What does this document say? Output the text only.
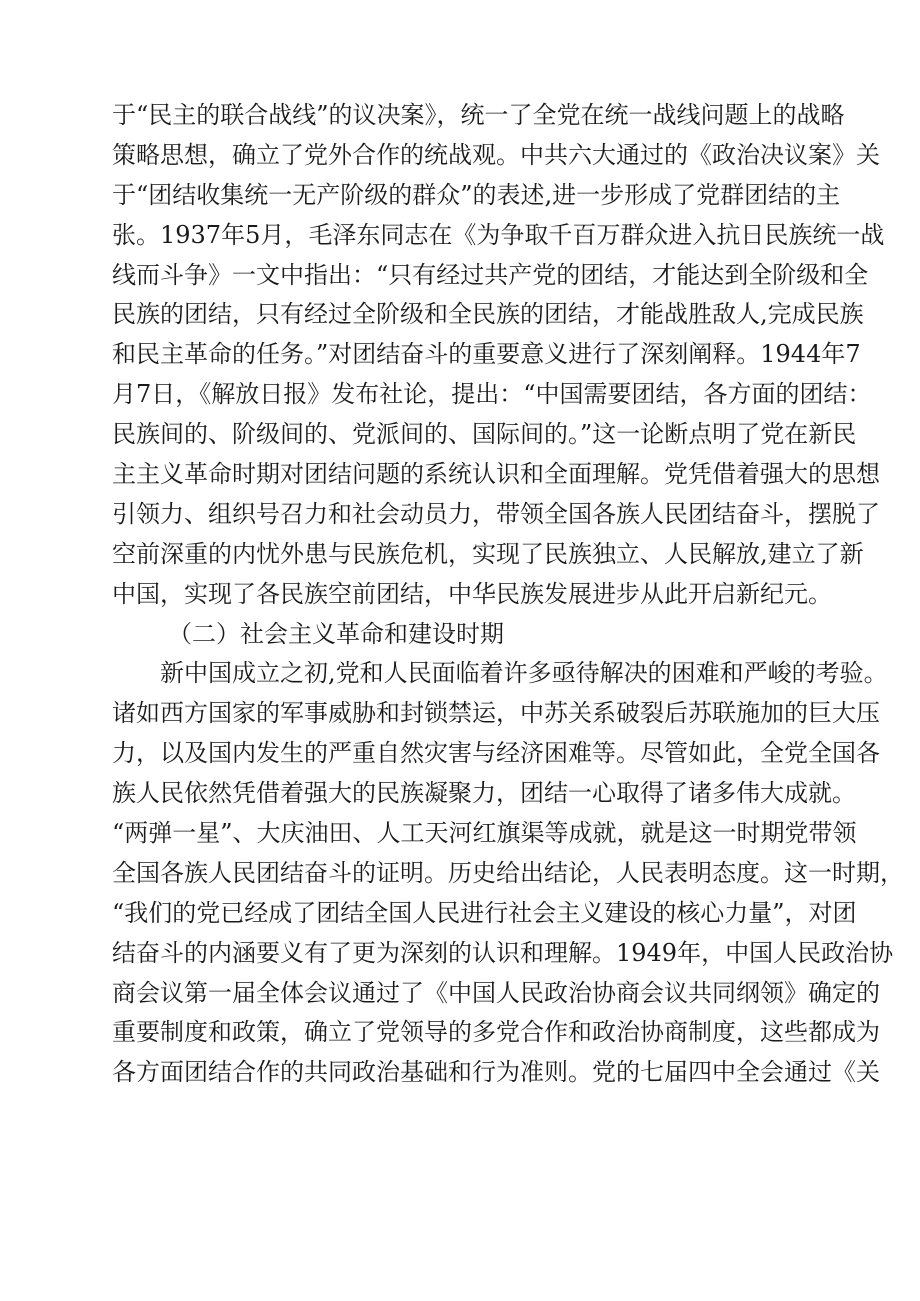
于“民主的联合战线”的议决案》，统一了全党在统一战线问题上的战略
策略思想，确立了党外合作的统战观。中共六大通过的《政治决议案》关
于“团结收集统一无产阶级的群众”的表述,进一步形成了党群团结的主
张。1937年5月，毛泽东同志在《为争取千百万群众进入抗日民族统一战
线而斗争》一文中指出：“只有经过共产党的团结，才能达到全阶级和全
民族的团结，只有经过全阶级和全民族的团结，才能战胜敌人,完成民族
和民主革命的任务。”对团结奋斗的重要意义进行了深刻阐释。1944年7
月7日，《解放日报》发布社论，提出：“中国需要团结，各方面的团结：
民族间的、阶级间的、党派间的、国际间的。”这一论断点明了党在新民
主主义革命时期对团结问题的系统认识和全面理解。党凭借着强大的思想
引领力、组织号召力和社会动员力，带领全国各族人民团结奋斗，摆脱了
空前深重的内忧外患与民族危机，实现了民族独立、人民解放,建立了新
中国，实现了各民族空前团结，中华民族发展进步从此开启新纪元。
（二）社会主义革命和建设时期
新中国成立之初,党和人民面临着许多亟待解决的困难和严峻的考验。
诸如西方国家的军事威胁和封锁禁运，中苏关系破裂后苏联施加的巨大压
力，以及国内发生的严重自然灾害与经济困难等。尽管如此，全党全国各
族人民依然凭借着强大的民族凝聚力，团结一心取得了诸多伟大成就。
“两弹一星”、大庆油田、人工天河红旗渠等成就，就是这一时期党带领
全国各族人民团结奋斗的证明。历史给出结论，人民表明态度。这一时期，
“我们的党已经成了团结全国人民进行社会主义建设的核心力量”，对团
结奋斗的内涵要义有了更为深刻的认识和理解。1949年，中国人民政治协
商会议第一届全体会议通过了《中国人民政治协商会议共同纲领》确定的
重要制度和政策，确立了党领导的多党合作和政治协商制度，这些都成为
各方面团结合作的共同政治基础和行为准则。党的七届四中全会通过《关
